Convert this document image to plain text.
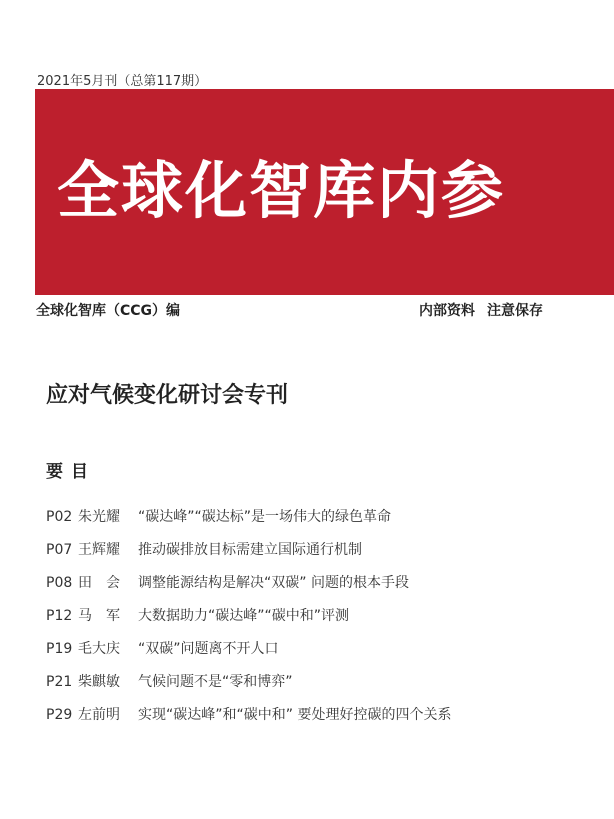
2021年5月刊（总第117期）
全球化智库内参
全球化智库（CCG）编	内部资料 注意保存
应对气候变化研讨会专刊
要目
P02 朱光耀 “碳达峰”“碳达标”是一场伟大的绿色革命
P07 王辉耀 推动碳排放目标需建立国际通行机制
P08 田　会 调整能源结构是解决“双碳” 问题的根本手段
P12 马　军 大数据助力“碳达峰”“碳中和”评测
P19 毛大庆 “双碳”问题离不开人口
P21 柴麒敏 气候问题不是“零和博弈”
P29 左前明 实现“碳达峰”和“碳中和” 要处理好控碳的四个关系
